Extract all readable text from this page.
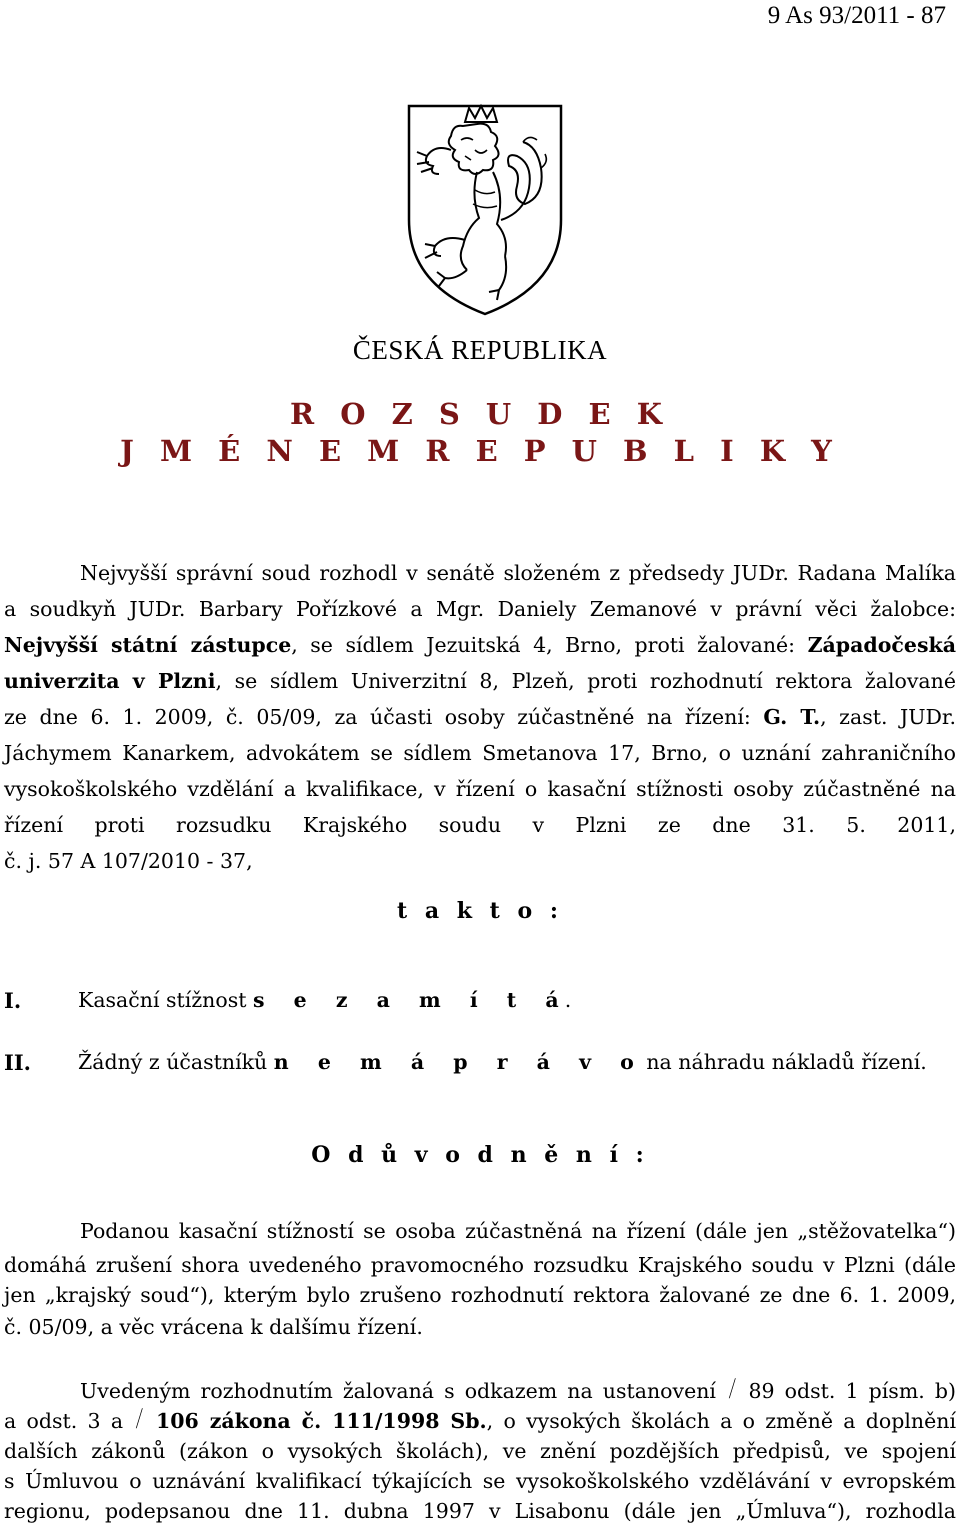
9 As 93/2011 - 87
ČESKÁ REPUBLIKA
R O Z S U D E K
J M É N E M R E P U B L I K Y
Nejvyšší správní soud rozhodl v senátě složeném z předsedy JUDr. Radana Malíka
a soudkyň JUDr. Barbary Pořízkové a Mgr. Daniely Zemanové v právní věci žalobce:
Nejvyšší státní zástupce, se sídlem Jezuitská 4, Brno, proti žalované: Západočeská
univerzita v Plzni, se sídlem Univerzitní 8, Plzeň, proti rozhodnutí rektora žalované
ze dne 6. 1. 2009, č. 05/09, za účasti osoby zúčastněné na řízení: G. T., zast. JUDr.
Jáchymem Kanarkem, advokátem se sídlem Smetanova 17, Brno, o uznání zahraničního
vysokoškolského vzdělání a kvalifikace, v řízení o kasační stížnosti osoby zúčastněné na
řízení proti rozsudku Krajského soudu v Plzni ze dne 31. 5. 2011,
č. j. 57 A 107/2010 - 37,
t a k t o :
I.	Kasační stížnost s e z a m í t á.
II. Žádný z účastníků n e m á p r á v o na náhradu nákladů řízení.
O d ů v o d n ě n í :
Podanou kasační stížností se osoba zúčastněná na řízení (dále jen „stěžovatelka“)
domáhá zrušení shora uvedeného pravomocného rozsudku Krajského soudu v Plzni (dále
jen „krajský soud“), kterým bylo zrušeno rozhodnutí rektora žalované ze dne 6. 1. 2009,
č. 05/09, a věc vrácena k dalšímu řízení.
Uvedeným rozhodnutím žalovaná s odkazem na ustanovení / 89 odst. 1 písm. b)
a odst. 3 a / 106 zákona č. 111/1998 Sb., o vysokých školách a o změně a doplnění
dalších zákonů (zákon o vysokých školách), ve znění pozdějších předpisů, ve spojení
s Úmluvou o uznávání kvalifikací týkajících se vysokoškolského vzdělávání v evropském
regionu, podepsanou dne 11. dubna 1997 v Lisabonu (dále jen „Úmluva“), rozhodla
